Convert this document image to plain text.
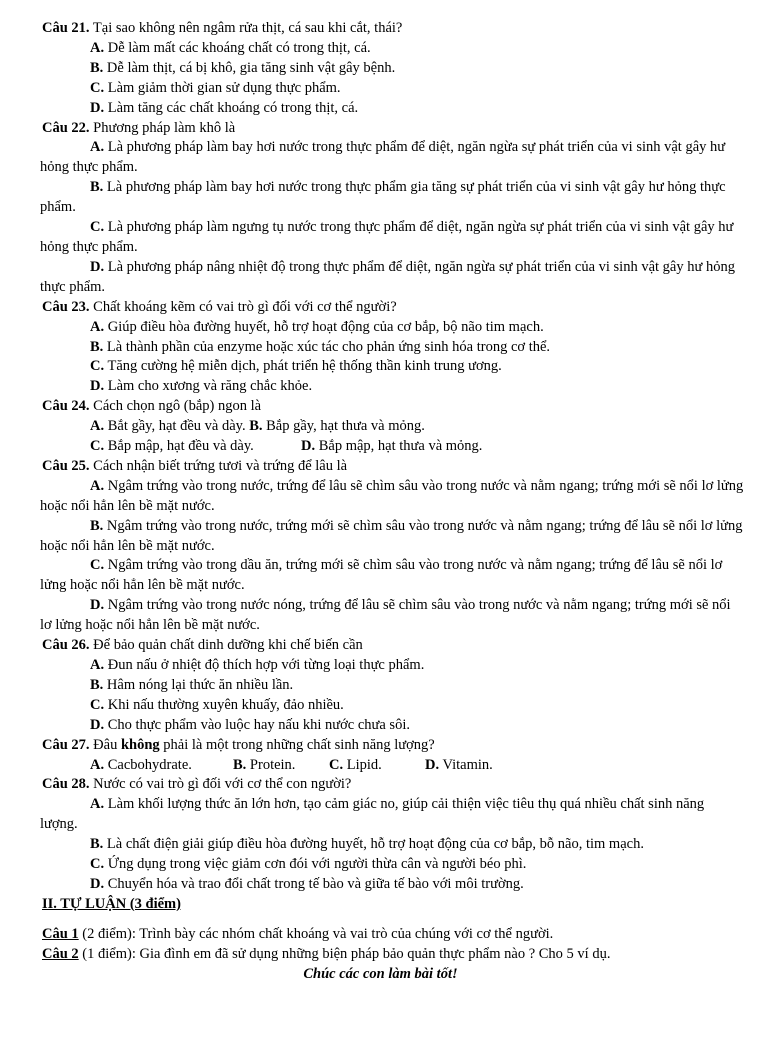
Câu 21. Tại sao không nên ngâm rửa thịt, cá sau khi cắt, thái?
A. Dễ làm mất các khoáng chất có trong thịt, cá.
B. Dễ làm thịt, cá bị khô, gia tăng sinh vật gây bệnh.
C. Làm giảm thời gian sử dụng thực phẩm.
D. Làm tăng các chất khoáng có trong thịt, cá.
Câu 22. Phương pháp làm khô là
A. Là phương pháp làm bay hơi nước trong thực phẩm để diệt, ngăn ngừa sự phát triển của vi sinh vật gây hư hỏng thực phẩm.
B. Là phương pháp làm bay hơi nước trong thực phẩm gia tăng sự phát triển của vi sinh vật gây hư hỏng thực phẩm.
C. Là phương pháp làm ngưng tụ nước trong thực phẩm để diệt, ngăn ngừa sự phát triển của vi sinh vật gây hư hỏng thực phẩm.
D. Là phương pháp nâng nhiệt độ trong thực phẩm để diệt, ngăn ngừa sự phát triển của vi sinh vật gây hư hỏng thực phẩm.
Câu 23. Chất khoáng kẽm có vai trò gì đối với cơ thể người?
A. Giúp điều hòa đường huyết, hỗ trợ hoạt động của cơ bắp, bộ não tim mạch.
B. Là thành phần của enzyme hoặc xúc tác cho phản ứng sinh hóa trong cơ thể.
C. Tăng cường hệ miễn dịch, phát triển hệ thống thần kinh trung ương.
D. Làm cho xương và răng chắc khỏe.
Câu 24. Cách chọn ngô (bắp) ngon là
A. Bắt gầy, hạt đều và dày. B. Bắp gầy, hạt thưa và mỏng.
C. Bắp mập, hạt đều và dày.	D. Bắp mập, hạt thưa và mỏng.
Câu 25. Cách nhận biết trứng tươi và trứng để lâu là
A. Ngâm trứng vào trong nước, trứng để lâu sẽ chìm sâu vào trong nước và nằm ngang; trứng mới sẽ nổi lơ lửng hoặc nổi hẳn lên bề mặt nước.
B. Ngâm trứng vào trong nước, trứng mới sẽ chìm sâu vào trong nước và nằm ngang; trứng để lâu sẽ nổi lơ lửng hoặc nổi hẳn lên bề mặt nước.
C. Ngâm trứng vào trong dầu ăn, trứng mới sẽ chìm sâu vào trong nước và nằm ngang; trứng để lâu sẽ nổi lơ lửng hoặc nổi hẳn lên bề mặt nước.
D. Ngâm trứng vào trong nước nóng, trứng để lâu sẽ chìm sâu vào trong nước và nằm ngang; trứng mới sẽ nổi lơ lửng hoặc nổi hẳn lên bề mặt nước.
Câu 26. Để bảo quản chất dinh dưỡng khi chế biến cần
A. Đun nấu ở nhiệt độ thích hợp với từng loại thực phẩm.
B. Hâm nóng lại thức ăn nhiều lần.
C. Khi nấu thường xuyên khuấy, đảo nhiều.
D. Cho thực phẩm vào luộc hay nấu khi nước chưa sôi.
Câu 27. Đâu không phải là một trong những chất sinh năng lượng?
A. Cacbohydrate.	B. Protein. C. Lipid.	D. Vitamin.
Câu 28. Nước có vai trò gì đối với cơ thể con người?
A. Làm khối lượng thức ăn lớn hơn, tạo cảm giác no, giúp cải thiện việc tiêu thụ quá nhiều chất sinh năng lượng.
B. Là chất điện giải giúp điều hòa đường huyết, hỗ trợ hoạt động của cơ bắp, bỗ não, tim mạch.
C. Ứng dụng trong việc giảm cơn đói với người thừa cân và người béo phì.
D. Chuyển hóa và trao đổi chất trong tế bào và giữa tế bào với môi trường.
II. TỰ LUẬN (3 điểm)
Câu 1 (2 điểm): Trình bày các nhóm chất khoáng và vai trò của chúng với cơ thể người.
Câu 2 (1 điểm): Gia đình em đã sử dụng những biện pháp bảo quản thực phẩm nào ? Cho 5 ví dụ.
Chúc các con làm bài tốt!
